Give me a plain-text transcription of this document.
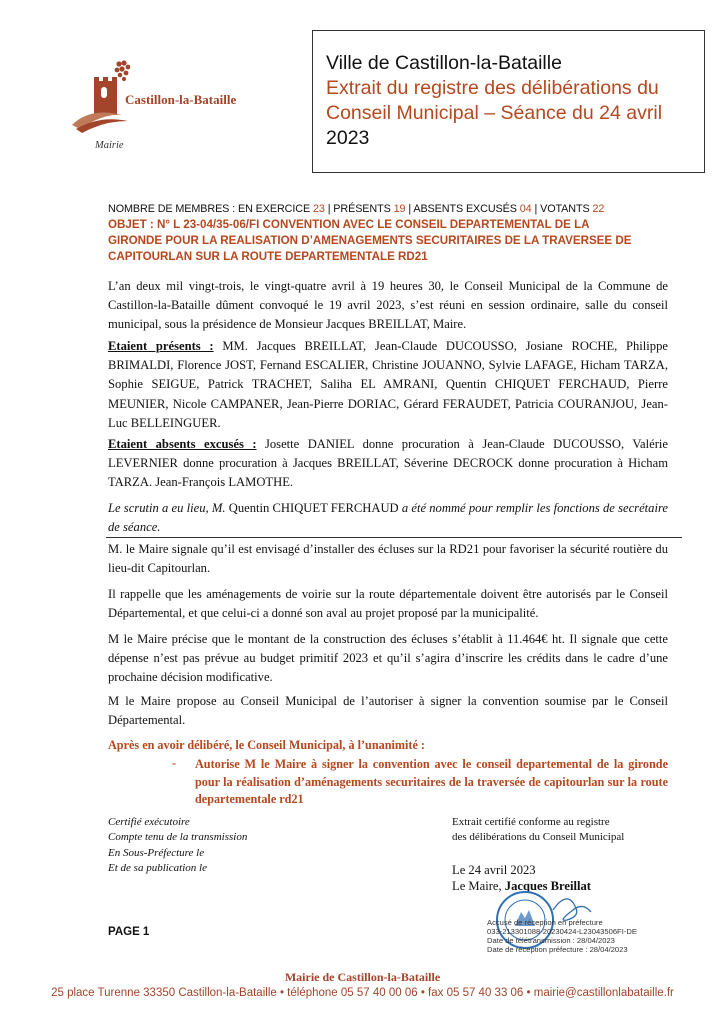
Castillon-la-Bataille
Mairie
Ville de Castillon-la-Bataille
Extrait du registre des délibérations du
Conseil Municipal – Séance du 24 avril
2023
NOMBRE DE MEMBRES : EN EXERCICE 23 | PRÉSENTS 19 | ABSENTS EXCUSÉS 04 | VOTANTS 22
OBJET : N° L 23-04/35-06/FI CONVENTION AVEC LE CONSEIL DEPARTEMENTAL DE LA
GIRONDE POUR LA REALISATION D’AMENAGEMENTS SECURITAIRES DE LA TRAVERSEE DE
CAPITOURLAN SUR LA ROUTE DEPARTEMENTALE RD21
L’an deux mil vingt-trois, le vingt-quatre avril à 19 heures 30, le Conseil Municipal de la Commune de Castillon-la-Bataille dûment convoqué le 19 avril 2023, s’est réuni en session ordinaire, salle du conseil municipal, sous la présidence de Monsieur Jacques BREILLAT, Maire.
Etaient présents : MM. Jacques BREILLAT, Jean-Claude DUCOUSSO, Josiane ROCHE, Philippe BRIMALDI, Florence JOST, Fernand ESCALIER, Christine JOUANNO, Sylvie LAFAGE, Hicham TARZA, Sophie SEIGUE, Patrick TRACHET, Saliha EL AMRANI, Quentin CHIQUET FERCHAUD, Pierre MEUNIER, Nicole CAMPANER, Jean-Pierre DORIAC, Gérard FERAUDET, Patricia COURANJOU, Jean-Luc BELLEINGUER.
Etaient absents excusés : Josette DANIEL donne procuration à Jean-Claude DUCOUSSO, Valérie LEVERNIER donne procuration à Jacques BREILLAT, Séverine DECROCK donne procuration à Hicham TARZA. Jean-François LAMOTHE.
Le scrutin a eu lieu, M. Quentin CHIQUET FERCHAUD a été nommé pour remplir les fonctions de secrétaire de séance.
M. le Maire signale qu’il est envisagé d’installer des écluses sur la RD21 pour favoriser la sécurité routière du lieu-dit Capitourlan.
Il rappelle que les aménagements de voirie sur la route départementale doivent être autorisés par le Conseil Départemental, et que celui-ci a donné son aval au projet proposé par la municipalité.
M le Maire précise que le montant de la construction des écluses s’établit à 11.464€ ht. Il signale que cette dépense n’est pas prévue au budget primitif 2023 et qu’il s’agira d’inscrire les crédits dans le cadre d’une prochaine décision modificative.
M le Maire propose au Conseil Municipal de l’autoriser à signer la convention soumise par le Conseil Départemental.
Après en avoir délibéré, le Conseil Municipal, à l’unanimité :
- Autorise M le Maire à signer la convention avec le conseil departemental de la gironde pour la réalisation d’aménagements securitaires de la traversée de capitourlan sur la route departementale rd21
Certifié exécutoire
Compte tenu de la transmission
En Sous-Préfecture le
Et de sa publication le
Extrait certifié conforme au registre
des délibérations du Conseil Municipal
Le 24 avril 2023
Le Maire, Jacques Breillat
Accusé de réception en préfecture
033-213301088-20230424-L23043506FI-DE
Date de télétransmission : 28/04/2023
Date de réception préfecture : 28/04/2023
PAGE 1
Mairie de Castillon-la-Bataille
25 place Turenne 33350 Castillon-la-Bataille • téléphone 05 57 40 00 06 • fax 05 57 40 33 06 • mairie@castillonlabataille.fr
